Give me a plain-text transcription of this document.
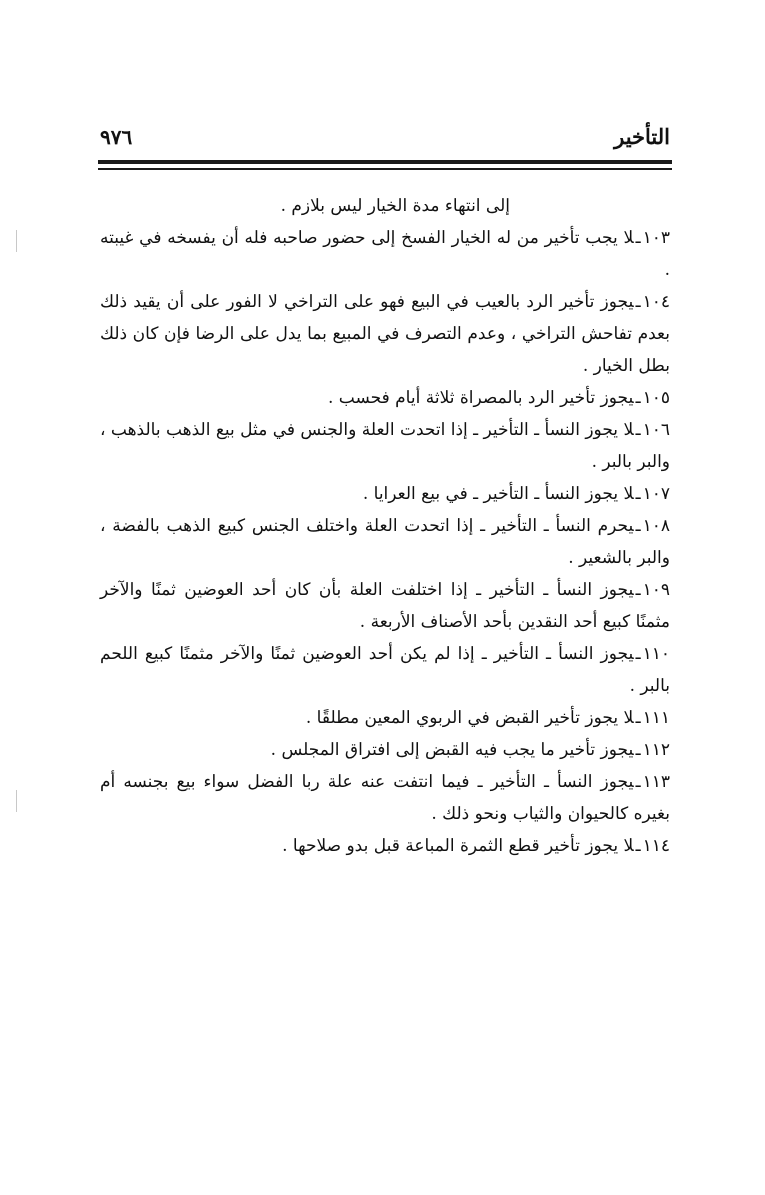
التأخير
٩٧٦

إلى انتهاء مدة الخيار ليس بلازم .

١٠٣ـلا يجب تأخير من له الخيار الفسخ إلى حضور صاحبه فله أن يفسخه في غيبته .

١٠٤ـيجوز تأخير الرد بالعيب في البيع فهو على التراخي لا الفور على أن يقيد ذلك بعدم تفاحش التراخي ، وعدم التصرف في المبيع بما يدل على الرضا فإن كان ذلك بطل الخيار .

١٠٥ـيجوز تأخير الرد بالمصراة ثلاثة أيام فحسب .

١٠٦ـلا يجوز النسأ ـ التأخير ـ إذا اتحدت العلة والجنس في مثل بيع الذهب بالذهب ، والبر بالبر .

١٠٧ـلا يجوز النسأ ـ التأخير ـ في بيع العرايا .

١٠٨ـيحرم النسأ ـ التأخير ـ إذا اتحدت العلة واختلف الجنس كبيع الذهب بالفضة ، والبر بالشعير .

١٠٩ـيجوز النسأ ـ التأخير ـ إذا اختلفت العلة بأن كان أحد العوضين ثمنًا والآخر مثمنًا كبيع أحد النقدين بأحد الأصناف الأربعة .

١١٠ـيجوز النسأ ـ التأخير ـ إذا لم يكن أحد العوضين ثمنًا والآخر مثمنًا كبيع اللحم بالبر .

١١١ـلا يجوز تأخير القبض في الربوي المعين مطلقًا .

١١٢ـيجوز تأخير ما يجب فيه القبض إلى افتراق المجلس .

١١٣ـيجوز النسأ ـ التأخير ـ فيما انتفت عنه علة ربا الفضل سواء بيع بجنسه أم بغيره كالحيوان والثياب ونحو ذلك .

١١٤ـلا يجوز تأخير قطع الثمرة المباعة قبل بدو صلاحها .
